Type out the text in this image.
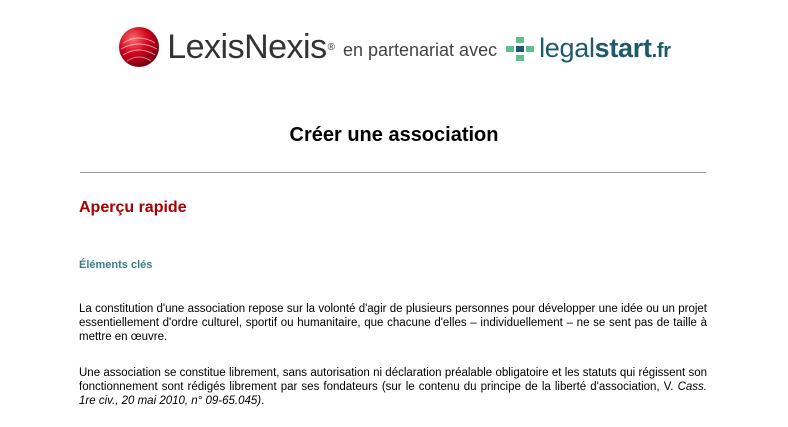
LexisNexis ® en partenariat avec legalstart.fr
Créer une association
Aperçu rapide
Éléments clés

La constitution d'une association repose sur la volonté d'agir de plusieurs personnes pour développer une idée ou un projet essentiellement d'ordre culturel, sportif ou humanitaire, que chacune d'elles – individuellement – ne se sent pas de taille à mettre en œuvre.

Une association se constitue librement, sans autorisation ni déclaration préalable obligatoire et les statuts qui régissent son fonctionnement sont rédigés librement par ses fondateurs (sur le contenu du principe de la liberté d'association, V. Cass. 1re civ., 20 mai 2010, n° 09-65.045).
